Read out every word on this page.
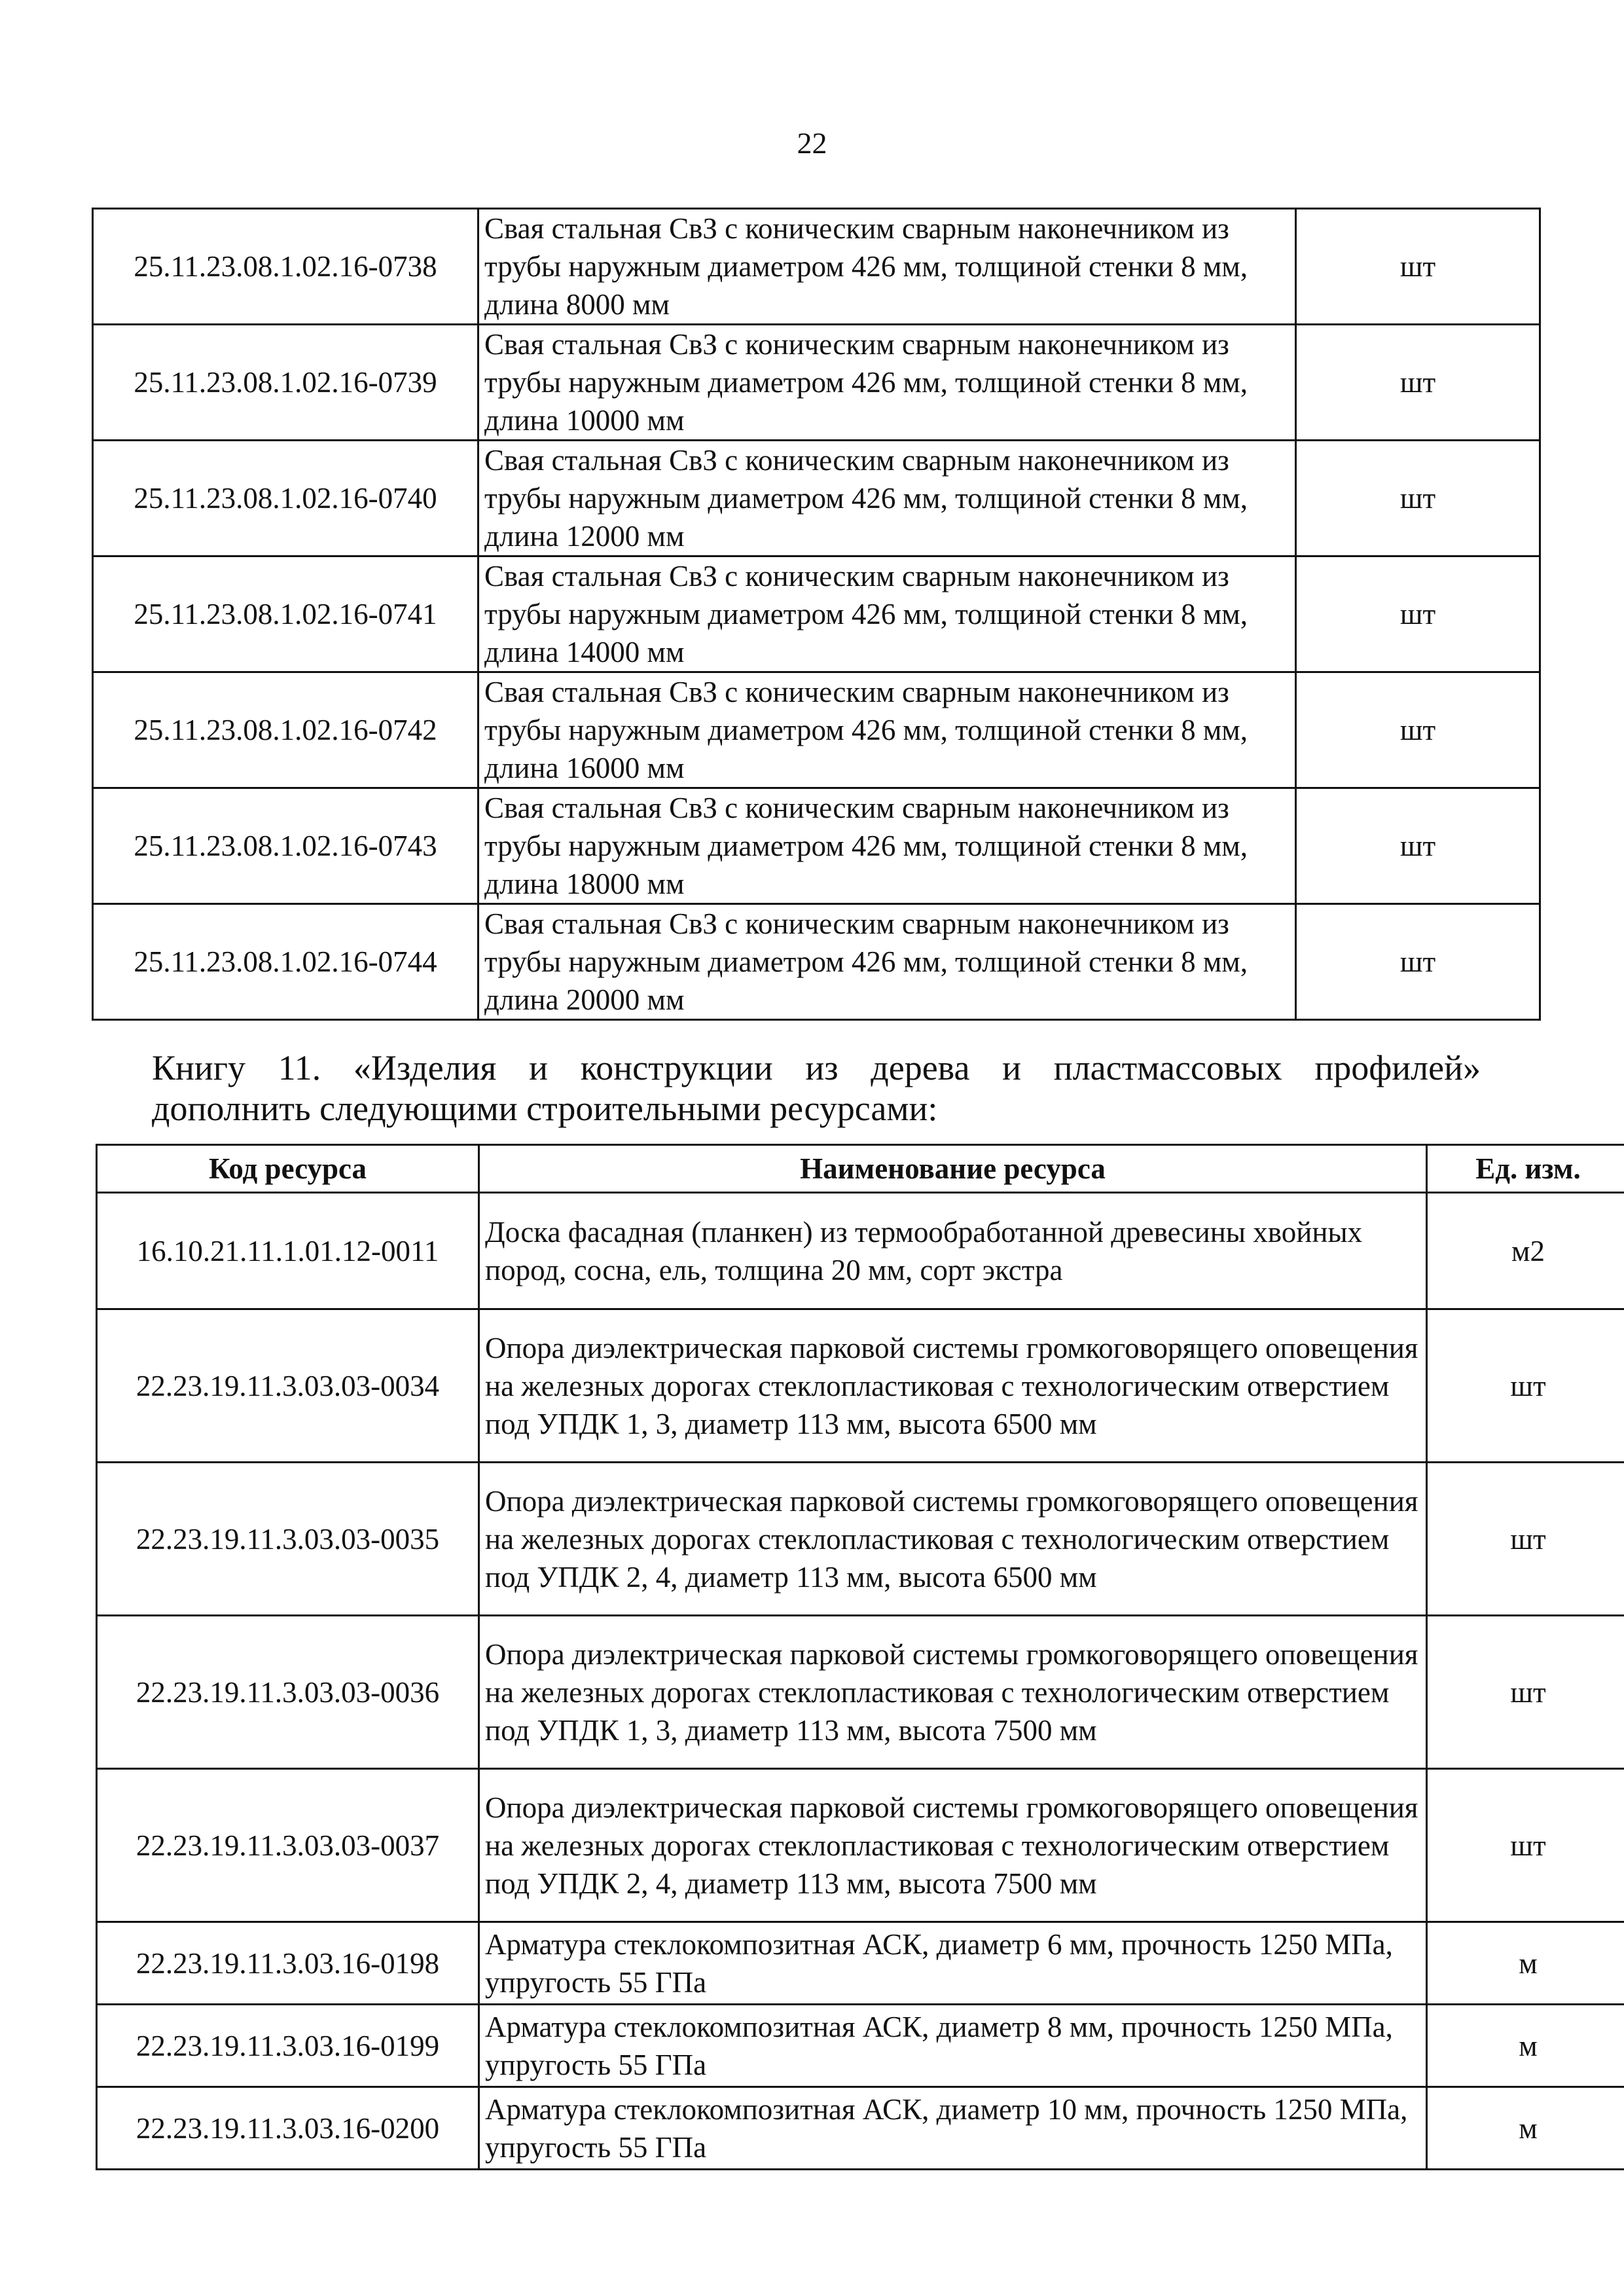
22
25.11.23.08.1.02.16-0738	Свая стальная СвЗ с коническим сварным наконечником из трубы наружным диаметром 426 мм, толщиной стенки 8 мм, длина 8000 мм	шт
25.11.23.08.1.02.16-0739	Свая стальная СвЗ с коническим сварным наконечником из трубы наружным диаметром 426 мм, толщиной стенки 8 мм, длина 10000 мм	шт
25.11.23.08.1.02.16-0740	Свая стальная СвЗ с коническим сварным наконечником из трубы наружным диаметром 426 мм, толщиной стенки 8 мм, длина 12000 мм	шт
25.11.23.08.1.02.16-0741	Свая стальная СвЗ с коническим сварным наконечником из трубы наружным диаметром 426 мм, толщиной стенки 8 мм, длина 14000 мм	шт
25.11.23.08.1.02.16-0742	Свая стальная СвЗ с коническим сварным наконечником из трубы наружным диаметром 426 мм, толщиной стенки 8 мм, длина 16000 мм	шт
25.11.23.08.1.02.16-0743	Свая стальная СвЗ с коническим сварным наконечником из трубы наружным диаметром 426 мм, толщиной стенки 8 мм, длина 18000 мм	шт
25.11.23.08.1.02.16-0744	Свая стальная СвЗ с коническим сварным наконечником из трубы наружным диаметром 426 мм, толщиной стенки 8 мм, длина 20000 мм	шт
Книгу 11. «Изделия и конструкции из дерева и пластмассовых профилей»
дополнить следующими строительными ресурсами:
Код ресурса	Наименование ресурса	Ед. изм.
16.10.21.11.1.01.12-0011	Доска фасадная (планкен) из термообработанной древесины хвойных пород, сосна, ель, толщина 20 мм, сорт экстра	м2
22.23.19.11.3.03.03-0034	Опора диэлектрическая парковой системы громкоговорящего оповещения на железных дорогах стеклопластиковая с технологическим отверстием под УПДК 1, 3, диаметр 113 мм, высота 6500 мм	шт
22.23.19.11.3.03.03-0035	Опора диэлектрическая парковой системы громкоговорящего оповещения на железных дорогах стеклопластиковая с технологическим отверстием под УПДК 2, 4, диаметр 113 мм, высота 6500 мм	шт
22.23.19.11.3.03.03-0036	Опора диэлектрическая парковой системы громкоговорящего оповещения на железных дорогах стеклопластиковая с технологическим отверстием под УПДК 1, 3, диаметр 113 мм, высота 7500 мм	шт
22.23.19.11.3.03.03-0037	Опора диэлектрическая парковой системы громкоговорящего оповещения на железных дорогах стеклопластиковая с технологическим отверстием под УПДК 2, 4, диаметр 113 мм, высота 7500 мм	шт
22.23.19.11.3.03.16-0198	Арматура стеклокомпозитная АСК, диаметр 6 мм, прочность 1250 МПа, упругость 55 ГПа	м
22.23.19.11.3.03.16-0199	Арматура стеклокомпозитная АСК, диаметр 8 мм, прочность 1250 МПа, упругость 55 ГПа	м
22.23.19.11.3.03.16-0200	Арматура стеклокомпозитная АСК, диаметр 10 мм, прочность 1250 МПа, упругость 55 ГПа	м
